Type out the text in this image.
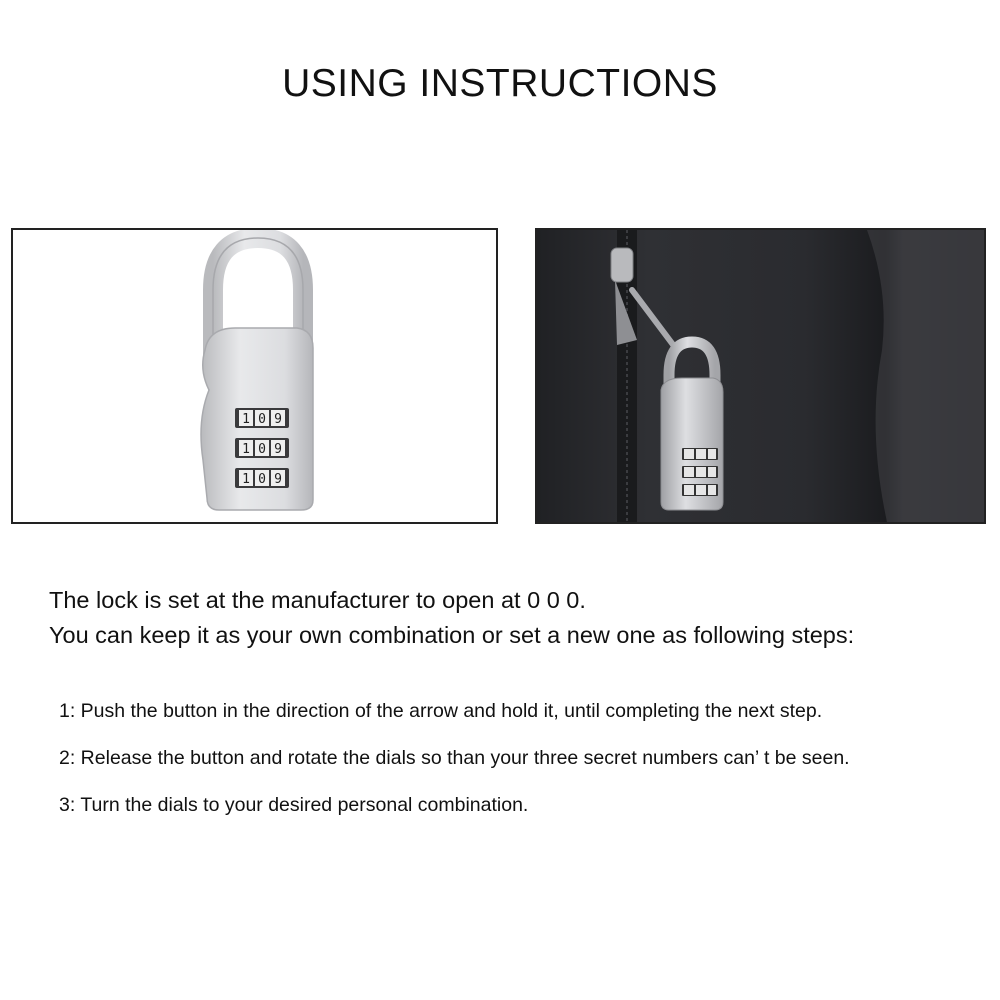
USING INSTRUCTIONS
1 0 9
1 0 9
1 0 9
The lock is set at the manufacturer to open at 0 0 0.
You can keep it as your own combination or set a new one as following steps:
1: Push the button in the direction of the arrow and hold it, until completing the next step.
2: Release the button and rotate the dials so than your three secret numbers can’ t be seen.
3: Turn the dials to your desired personal combination.
